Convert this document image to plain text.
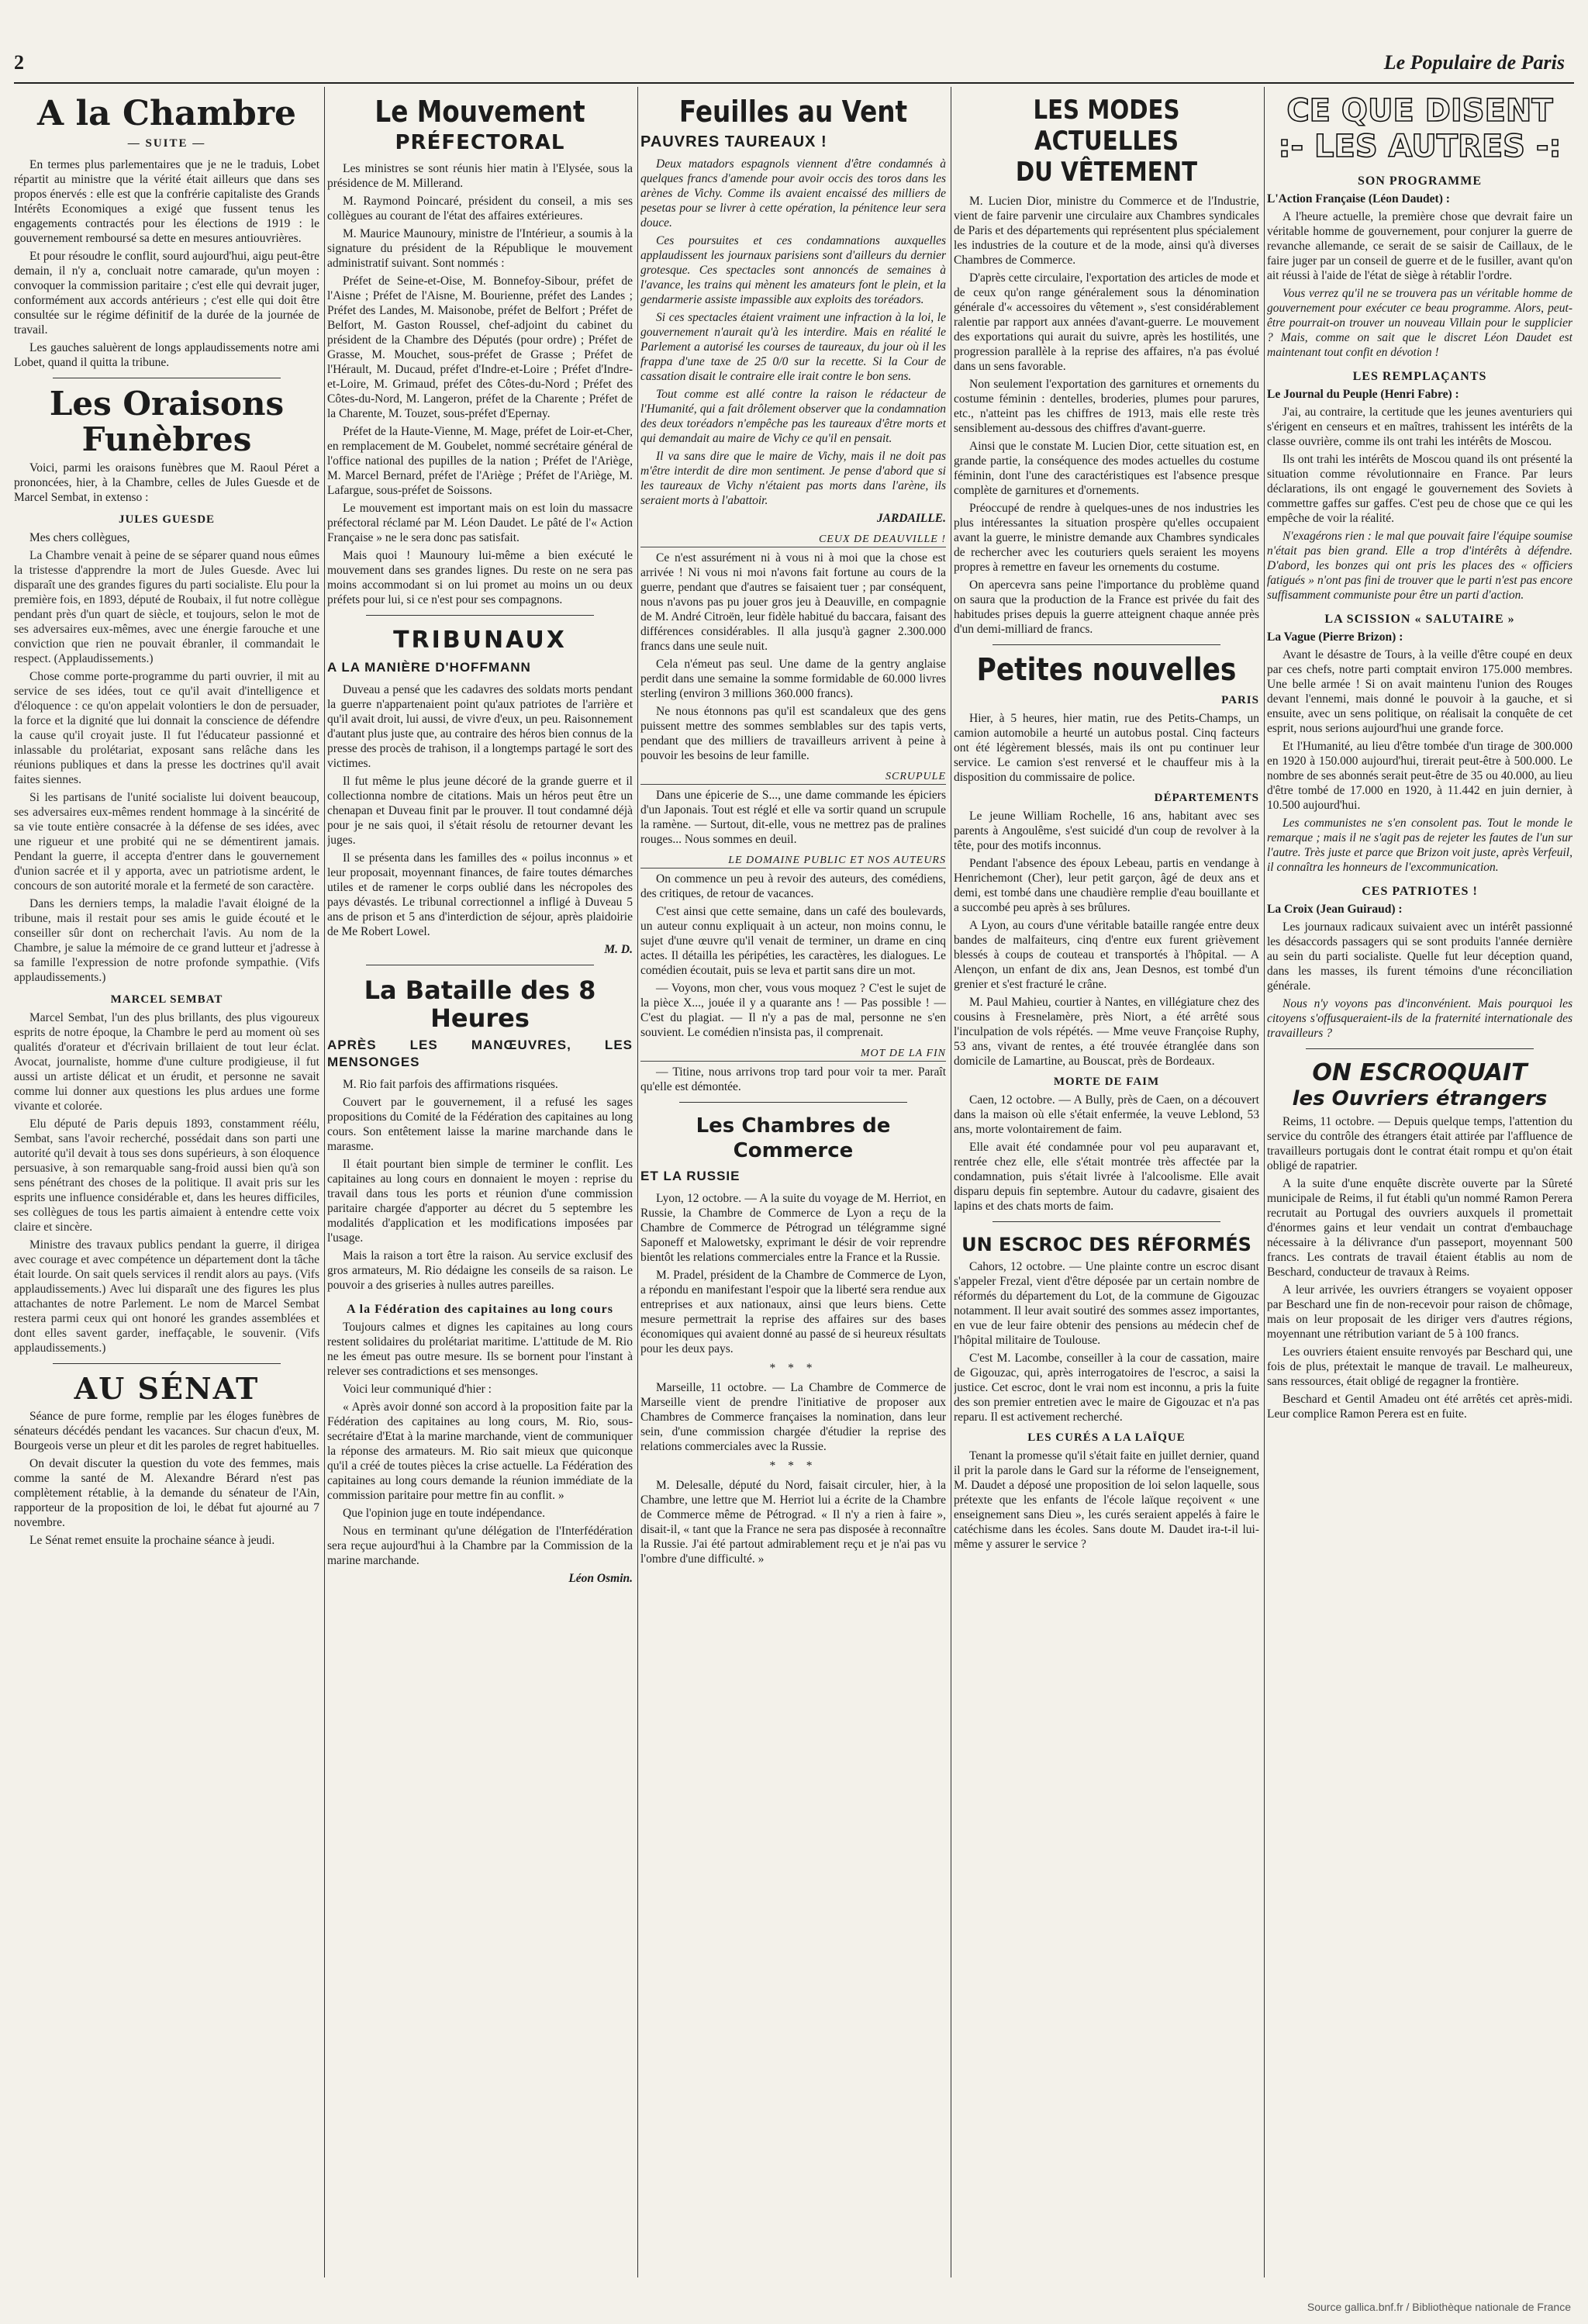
2	Le Populaire de Paris
A la Chambre
— SUITE —

En termes plus parlementaires que je ne le traduis, Lobet répartit au ministre que la vérité était ailleurs que dans ses propos énervés : elle est que la confrérie capitaliste des Grands Intérêts Economiques a exigé que fussent tenus les engagements contractés pour les élections de 1919 : le gouvernement remboursé sa dette en mesures antiouvrières.

Et pour résoudre le conflit, sourd aujourd'hui, aigu peut-être demain, il n'y a, concluait notre camarade, qu'un moyen : convoquer la commission paritaire ; c'est elle qui devrait juger, conformément aux accords antérieurs ; c'est elle qui doit être consultée sur le régime définitif de la durée de la journée de travail.

Les gauches saluèrent de longs applaudissements notre ami Lobet, quand il quitta la tribune.

Les Oraisons Funèbres

Voici, parmi les oraisons funèbres que M. Raoul Péret a prononcées, hier, à la Chambre, celles de Jules Guesde et de Marcel Sembat, in extenso :

JULES GUESDE

Mes chers collègues,

La Chambre venait à peine de se séparer quand nous eûmes la tristesse d'apprendre la mort de Jules Guesde. Avec lui disparaît une des grandes figures du parti socialiste. Elu pour la première fois, en 1893, député de Roubaix, il fut notre collègue pendant près d'un quart de siècle, et toujours, selon le mot de ses adversaires eux-mêmes, avec une énergie farouche et une conviction que rien ne pouvait ébranler, il commandait le respect. (Applaudissements.)

Chose comme porte-programme du parti ouvrier, il mit au service de ses idées, tout ce qu'il avait d'intelligence et d'éloquence : ce qu'on appelait volontiers le don de persuader, la force et la dignité que lui donnait la conscience de défendre la cause qu'il croyait juste. Il fut l'éducateur passionné et inlassable du prolétariat, exposant sans relâche dans les réunions publiques et dans la presse les doctrines qu'il avait faites siennes.

Si les partisans de l'unité socialiste lui doivent beaucoup, ses adversaires eux-mêmes rendent hommage à la sincérité de sa vie toute entière consacrée à la défense de ses idées, avec une rigueur et une probité qui ne se démentirent jamais. Pendant la guerre, il accepta d'entrer dans le gouvernement d'union sacrée et il y apporta, avec un patriotisme ardent, le concours de son autorité morale et la fermeté de son caractère.

Dans les derniers temps, la maladie l'avait éloigné de la tribune, mais il restait pour ses amis le guide écouté et le conseiller sûr dont on recherchait l'avis. Au nom de la Chambre, je salue la mémoire de ce grand lutteur et j'adresse à sa famille l'expression de notre profonde sympathie. (Vifs applaudissements.)

MARCEL SEMBAT

Marcel Sembat, l'un des plus brillants, des plus vigoureux esprits de notre époque, la Chambre le perd au moment où ses qualités d'orateur et d'écrivain brillaient de tout leur éclat. Avocat, journaliste, homme d'une culture prodigieuse, il fut aussi un artiste délicat et un érudit, et personne ne savait comme lui donner aux questions les plus ardues une forme vivante et colorée.

Elu député de Paris depuis 1893, constamment réélu, Sembat, sans l'avoir recherché, possédait dans son parti une autorité qu'il devait à tous ses dons supérieurs, à son éloquence persuasive, à son remarquable sang-froid aussi bien qu'à son sens pénétrant des choses de la politique. Il avait pris sur les esprits une influence considérable et, dans les heures difficiles, ses collègues de tous les partis aimaient à entendre cette voix claire et sincère.

Ministre des travaux publics pendant la guerre, il dirigea avec courage et avec compétence un département dont la tâche était lourde. On sait quels services il rendit alors au pays. (Vifs applaudissements.) Avec lui disparaît une des figures les plus attachantes de notre Parlement. Le nom de Marcel Sembat restera parmi ceux qui ont honoré les grandes assemblées et dont elles savent garder, ineffaçable, le souvenir. (Vifs applaudissements.)

AU SÉNAT

Séance de pure forme, remplie par les éloges funèbres de sénateurs décédés pendant les vacances. Sur chacun d'eux, M. Bourgeois verse un pleur et dit les paroles de regret habituelles.

On devait discuter la question du vote des femmes, mais comme la santé de M. Alexandre Bérard n'est pas complètement rétablie, à la demande du sénateur de l'Ain, rapporteur de la proposition de loi, le débat fut ajourné au 7 novembre.

Le Sénat remet ensuite la prochaine séance à jeudi.

Le Mouvement
PRÉFECTORAL

Les ministres se sont réunis hier matin à l'Elysée, sous la présidence de M. Millerand.

M. Raymond Poincaré, président du conseil, a mis ses collègues au courant de l'état des affaires extérieures.

M. Maurice Maunoury, ministre de l'Intérieur, a soumis à la signature du président de la République le mouvement administratif suivant. Sont nommés :

Préfet de Seine-et-Oise, M. Bonnefoy-Sibour, préfet de l'Aisne ; Préfet de l'Aisne, M. Bourienne, préfet des Landes ; Préfet des Landes, M. Maisonobe, préfet de Belfort ; Préfet de Belfort, M. Gaston Roussel, chef-adjoint du cabinet du président de la Chambre des Députés (pour ordre) ; Préfet de Grasse, M. Mouchet, sous-préfet de Grasse ; Préfet de l'Hérault, M. Ducaud, préfet d'Indre-et-Loire ; Préfet d'Indre-et-Loire, M. Grimaud, préfet des Côtes-du-Nord ; Préfet des Côtes-du-Nord, M. Langeron, préfet de la Charente ; Préfet de la Charente, M. Touzet, sous-préfet d'Epernay.

Préfet de la Haute-Vienne, M. Mage, préfet de Loir-et-Cher, en remplacement de M. Goubelet, nommé secrétaire général de l'office national des pupilles de la nation ; Préfet de l'Ariège, M. Marcel Bernard, préfet de l'Ariège ; Préfet de l'Ariège, M. Lafargue, sous-préfet de Soissons.

Le mouvement est important mais on est loin du massacre préfectoral réclamé par M. Léon Daudet. Le pâté de l'« Action Française » ne le sera donc pas satisfait.

Mais quoi ! Maunoury lui-même a bien exécuté le mouvement dans ses grandes lignes. Du reste on ne sera pas moins accommodant si on lui promet au moins un ou deux préfets pour lui, si ce n'est pour ses compagnons.

TRIBUNAUX
A LA MANIÈRE D'HOFFMANN

Duveau a pensé que les cadavres des soldats morts pendant la guerre n'appartenaient point qu'aux patriotes de l'arrière et qu'il avait droit, lui aussi, de vivre d'eux, un peu. Raisonnement d'autant plus juste que, au contraire des héros bien connus de la presse des procès de trahison, il a longtemps partagé le sort des victimes.

Il fut même le plus jeune décoré de la grande guerre et il collectionna nombre de citations. Mais un héros peut être un chenapan et Duveau finit par le prouver. Il tout condamné déjà pour je ne sais quoi, il s'était résolu de retourner devant les juges.

Il se présenta dans les familles des « poilus inconnus » et leur proposait, moyennant finances, de faire toutes démarches utiles et de ramener le corps oublié dans les nécropoles des pays dévastés. Le tribunal correctionnel a infligé à Duveau 5 ans de prison et 5 ans d'interdiction de séjour, après plaidoirie de Me Robert Lowel.

M. D.
La Bataille des 8 Heures
APRÈS LES MANŒUVRES, LES MENSONGES

M. Rio fait parfois des affirmations risquées.

Couvert par le gouvernement, il a refusé les sages propositions du Comité de la Fédération des capitaines au long cours. Son entêtement laisse la marine marchande dans le marasme.

Il était pourtant bien simple de terminer le conflit. Les capitaines au long cours en donnaient le moyen : reprise du travail dans tous les ports et réunion d'une commission paritaire chargée d'apporter au décret du 5 septembre les modalités d'application et les modifications imposées par l'usage.

Mais la raison a tort être la raison. Au service exclusif des gros armateurs, M. Rio dédaigne les conseils de sa raison. Le pouvoir a des griseries à nulles autres pareilles.

A la Fédération des capitaines au long cours

Toujours calmes et dignes les capitaines au long cours restent solidaires du prolétariat maritime. L'attitude de M. Rio ne les émeut pas outre mesure. Ils se bornent pour l'instant à relever ses contradictions et ses mensonges.

Voici leur communiqué d'hier :

« Après avoir donné son accord à la proposition faite par la Fédération des capitaines au long cours, M. Rio, sous-secrétaire d'Etat à la marine marchande, vient de communiquer la réponse des armateurs. M. Rio sait mieux que quiconque qu'il a créé de toutes pièces la crise actuelle. La Fédération des capitaines au long cours demande la réunion immédiate de la commission paritaire pour mettre fin au conflit. »

Que l'opinion juge en toute indépendance.

Nous en terminant qu'une délégation de l'Interfédération sera reçue aujourd'hui à la Chambre par la Commission de la marine marchande.

Léon Osmin.
Feuilles au Vent
PAUVRES TAUREAUX !

Deux matadors espagnols viennent d'être condamnés à quelques francs d'amende pour avoir occis des toros dans les arènes de Vichy. Comme ils avaient encaissé des milliers de pesetas pour se livrer à cette opération, la pénitence leur sera douce.

Ces poursuites et ces condamnations auxquelles applaudissent les journaux parisiens sont d'ailleurs du dernier grotesque. Ces spectacles sont annoncés de semaines à l'avance, les trains qui mènent les amateurs font le plein, et la gendarmerie assiste impassible aux exploits des toréadors.

Si ces spectacles étaient vraiment une infraction à la loi, le gouvernement n'aurait qu'à les interdire. Mais en réalité le Parlement a autorisé les courses de taureaux, du jour où il les frappa d'une taxe de 25 0/0 sur la recette. Si la Cour de cassation disait le contraire elle irait contre le bon sens.

Tout comme est allé contre la raison le rédacteur de l'Humanité, qui a fait drôlement observer que la condamnation des deux toréadors n'empêche pas les taureaux d'être morts et qui demandait au maire de Vichy ce qu'il en pensait.

Il va sans dire que le maire de Vichy, mais il ne doit pas m'être interdit de dire mon sentiment. Je pense d'abord que si les taureaux de Vichy n'étaient pas morts dans l'arène, ils seraient morts à l'abattoir.

JARDAILLE.
CEUX DE DEAUVILLE !

Ce n'est assurément ni à vous ni à moi que la chose est arrivée ! Ni vous ni moi n'avons fait fortune au cours de la guerre, pendant que d'autres se faisaient tuer ; par conséquent, nous n'avons pas pu jouer gros jeu à Deauville, en compagnie de M. André Citroën, leur fidèle habitué du baccara, faisant des différences considérables. Il alla jusqu'à gagner 2.300.000 francs dans une seule nuit.

Cela n'émeut pas seul. Une dame de la gentry anglaise perdit dans une semaine la somme formidable de 60.000 livres sterling (environ 3 millions 360.000 francs).

Ne nous étonnons pas qu'il est scandaleux que des gens puissent mettre des sommes semblables sur des tapis verts, pendant que des milliers de travailleurs arrivent à peine à pouvoir les besoins de leur famille.

SCRUPULE

Dans une épicerie de S..., une dame commande les épiciers d'un Japonais. Tout est réglé et elle va sortir quand un scrupule la ramène. — Surtout, dit-elle, vous ne mettrez pas de pralines rouges... Nous sommes en deuil.

LE DOMAINE PUBLIC ET NOS AUTEURS

On commence un peu à revoir des auteurs, des comédiens, des critiques, de retour de vacances.

C'est ainsi que cette semaine, dans un café des boulevards, un auteur connu expliquait à un acteur, non moins connu, le sujet d'une œuvre qu'il venait de terminer, un drame en cinq actes. Il détailla les péripéties, les caractères, les dialogues. Le comédien écoutait, puis se leva et partit sans dire un mot.

— Voyons, mon cher, vous vous moquez ? C'est le sujet de la pièce X..., jouée il y a quarante ans ! — Pas possible ! — C'est du plagiat. — Il n'y a pas de mal, personne ne s'en souvient. Le comédien n'insista pas, il comprenait.

MOT DE LA FIN

— Titine, nous arrivons trop tard pour voir ta mer. Paraît qu'elle est démontée.

Les Chambres de Commerce
ET LA RUSSIE

Lyon, 12 octobre. — A la suite du voyage de M. Herriot, en Russie, la Chambre de Commerce de Lyon a reçu de la Chambre de Commerce de Pétrograd un télégramme signé Saponeff et Malowetsky, exprimant le désir de voir reprendre bientôt les relations commerciales entre la France et la Russie.

M. Pradel, président de la Chambre de Commerce de Lyon, a répondu en manifestant l'espoir que la liberté sera rendue aux entreprises et aux nationaux, ainsi que leurs biens. Cette mesure permettrait la reprise des affaires sur des bases économiques qui avaient donné au passé de si heureux résultats pour les deux pays.

* * *

Marseille, 11 octobre. — La Chambre de Commerce de Marseille vient de prendre l'initiative de proposer aux Chambres de Commerce françaises la nomination, dans leur sein, d'une commission chargée d'étudier la reprise des relations commerciales avec la Russie.

* * *

M. Delesalle, député du Nord, faisait circuler, hier, à la Chambre, une lettre que M. Herriot lui a écrite de la Chambre de Commerce même de Pétrograd. « Il n'y a rien à faire », disait-il, « tant que la France ne sera pas disposée à reconnaître la Russie. J'ai été partout admirablement reçu et je n'ai pas vu l'ombre d'une difficulté. »

LES MODES ACTUELLES
DU VÊTEMENT

M. Lucien Dior, ministre du Commerce et de l'Industrie, vient de faire parvenir une circulaire aux Chambres syndicales de Paris et des départements qui représentent plus spécialement les industries de la couture et de la mode, ainsi qu'à diverses Chambres de Commerce.

D'après cette circulaire, l'exportation des articles de mode et de ceux qu'on range généralement sous la dénomination générale d'« accessoires du vêtement », s'est considérablement ralentie par rapport aux années d'avant-guerre. Le mouvement des exportations qui aurait du suivre, après les hostilités, une progression parallèle à la reprise des affaires, n'a pas évolué dans un sens favorable.

Non seulement l'exportation des garnitures et ornements du costume féminin : dentelles, broderies, plumes pour parures, etc., n'atteint pas les chiffres de 1913, mais elle reste très sensiblement au-dessous des chiffres d'avant-guerre.

Ainsi que le constate M. Lucien Dior, cette situation est, en grande partie, la conséquence des modes actuelles du costume féminin, dont l'une des caractéristiques est l'absence presque complète de garnitures et d'ornements.

Préoccupé de rendre à quelques-unes de nos industries les plus intéressantes la situation prospère qu'elles occupaient avant la guerre, le ministre demande aux Chambres syndicales de rechercher avec les couturiers quels seraient les moyens propres à remettre en faveur les ornements du costume.

On apercevra sans peine l'importance du problème quand on saura que la production de la France est privée du fait des habitudes prises depuis la guerre atteignent chaque année près d'un demi-milliard de francs.

Petites nouvelles
PARIS

Hier, à 5 heures, hier matin, rue des Petits-Champs, un camion automobile a heurté un autobus postal. Cinq facteurs ont été légèrement blessés, mais ils ont pu continuer leur service. Le camion s'est renversé et le chauffeur mis à la disposition du commissaire de police.

DÉPARTEMENTS

Le jeune William Rochelle, 16 ans, habitant avec ses parents à Angoulême, s'est suicidé d'un coup de revolver à la tête, pour des motifs inconnus.

Pendant l'absence des époux Lebeau, partis en vendange à Henrichemont (Cher), leur petit garçon, âgé de deux ans et demi, est tombé dans une chaudière remplie d'eau bouillante et a succombé peu après à ses brûlures.

A Lyon, au cours d'une véritable bataille rangée entre deux bandes de malfaiteurs, cinq d'entre eux furent grièvement blessés à coups de couteau et transportés à l'hôpital. — A Alençon, un enfant de dix ans, Jean Desnos, est tombé d'un grenier et s'est fracturé le crâne.

M. Paul Mahieu, courtier à Nantes, en villégiature chez des cousins à Fresnelamère, près Niort, a été arrêté sous l'inculpation de vols répétés. — Mme veuve Françoise Ruphy, 53 ans, vivant de rentes, a été trouvée étranglée dans son domicile de Lamartine, au Bouscat, près de Bordeaux.

MORTE DE FAIM

Caen, 12 octobre. — A Bully, près de Caen, on a découvert dans la maison où elle s'était enfermée, la veuve Leblond, 53 ans, morte volontairement de faim.

Elle avait été condamnée pour vol peu auparavant et, rentrée chez elle, elle s'était montrée très affectée par la condamnation, puis s'était livrée à l'alcoolisme. Elle avait disparu depuis fin septembre. Autour du cadavre, gisaient des lapins et des chats morts de faim.

UN ESCROC DES RÉFORMÉS

Cahors, 12 octobre. — Une plainte contre un escroc disant s'appeler Frezal, vient d'être déposée par un certain nombre de réformés du département du Lot, de la commune de Gigouzac notamment. Il leur avait soutiré des sommes assez importantes, en vue de leur faire obtenir des pensions au médecin chef de l'hôpital militaire de Toulouse.

C'est M. Lacombe, conseiller à la cour de cassation, maire de Gigouzac, qui, après interrogatoires de l'escroc, a saisi la justice. Cet escroc, dont le vrai nom est inconnu, a pris la fuite des son premier entretien avec le maire de Gigouzac et n'a pas reparu. Il est activement recherché.

LES CURÉS A LA LAÏQUE

Tenant la promesse qu'il s'était faite en juillet dernier, quand il prit la parole dans le Gard sur la réforme de l'enseignement, M. Daudet a déposé une proposition de loi selon laquelle, sous prétexte que les enfants de l'école laïque reçoivent « une enseignement sans Dieu », les curés seraient appelés à faire le catéchisme dans les écoles. Sans doute M. Daudet ira-t-il lui-même y assurer le service ?

CE QUE DISENT
:- LES AUTRES -:
SON PROGRAMME
L'Action Française (Léon Daudet) :

A l'heure actuelle, la première chose que devrait faire un véritable homme de gouvernement, pour conjurer la guerre de revanche allemande, ce serait de se saisir de Caillaux, de le faire juger par un conseil de guerre et de le fusiller, avant qu'on ait réussi à l'aide de l'état de siège à rétablir l'ordre.

Vous verrez qu'il ne se trouvera pas un véritable homme de gouvernement pour exécuter ce beau programme. Alors, peut-être pourrait-on trouver un nouveau Villain pour le supplicier ? Mais, comme on sait que le discret Léon Daudet est maintenant tout confit en dévotion !

LES REMPLAÇANTS
Le Journal du Peuple (Henri Fabre) :

J'ai, au contraire, la certitude que les jeunes aventuriers qui s'érigent en censeurs et en maîtres, trahissent les intérêts de la classe ouvrière, comme ils ont trahi les intérêts de Moscou.

Ils ont trahi les intérêts de Moscou quand ils ont présenté la situation comme révolutionnaire en France. Par leurs déclarations, ils ont engagé le gouvernement des Soviets à commettre gaffes sur gaffes. C'est peu de chose que ce qui les empêche de voir la réalité.

N'exagérons rien : le mal que pouvait faire l'équipe soumise n'était pas bien grand. Elle a trop d'intérêts à défendre. D'abord, les bonzes qui ont pris les places des « officiers fatigués » n'ont pas fini de trouver que le parti n'est pas encore suffisamment communiste pour être un parti d'action.

LA SCISSION « SALUTAIRE »
La Vague (Pierre Brizon) :

Avant le désastre de Tours, à la veille d'être coupé en deux par ces chefs, notre parti comptait environ 175.000 membres. Une belle armée ! Si on avait maintenu l'union des Rouges devant l'ennemi, mais donné le pouvoir à la gauche, et si ensuite, avec un sens politique, on réalisait la conquête de cet esprit, nous serions aujourd'hui une grande force.

Et l'Humanité, au lieu d'être tombée d'un tirage de 300.000 en 1920 à 150.000 aujourd'hui, tirerait peut-être à 500.000. Le nombre de ses abonnés serait peut-être de 35 ou 40.000, au lieu d'être tombé de 17.000 en 1920, à 11.442 en juin dernier, à 10.500 aujourd'hui.

Les communistes ne s'en consolent pas. Tout le monde le remarque ; mais il ne s'agit pas de rejeter les fautes de l'un sur l'autre. Très juste et parce que Brizon voit juste, après Verfeuil, il connaîtra les honneurs de l'excommunication.

CES PATRIOTES !
La Croix (Jean Guiraud) :

Les journaux radicaux suivaient avec un intérêt passionné les désaccords passagers qui se sont produits l'année dernière au sein du parti socialiste. Quelle fut leur déception quand, dans les masses, ils furent témoins d'une réconciliation générale.

Nous n'y voyons pas d'inconvénient. Mais pourquoi les citoyens s'offusqueraient-ils de la fraternité internationale des travailleurs ?

ON ESCROQUAIT
les Ouvriers étrangers

Reims, 11 octobre. — Depuis quelque temps, l'attention du service du contrôle des étrangers était attirée par l'affluence de travailleurs portugais dont le contrat était rompu et qu'on était obligé de rapatrier.

A la suite d'une enquête discrète ouverte par la Sûreté municipale de Reims, il fut établi qu'un nommé Ramon Perera recrutait au Portugal des ouvriers auxquels il promettait d'énormes gains et leur vendait un contrat d'embauchage nécessaire à la délivrance d'un passeport, moyennant 500 francs. Les contrats de travail étaient établis au nom de Beschard, conducteur de travaux à Reims.

A leur arrivée, les ouvriers étrangers se voyaient opposer par Beschard une fin de non-recevoir pour raison de chômage, mais on leur proposait de les diriger vers d'autres régions, moyennant une rétribution variant de 5 à 100 francs.

Les ouvriers étaient ensuite renvoyés par Beschard qui, une fois de plus, prétextait le manque de travail. Le malheureux, sans ressources, était obligé de regagner la frontière.

Beschard et Gentil Amadeu ont été arrêtés cet après-midi. Leur complice Ramon Perera est en fuite.

Source gallica.bnf.fr / Bibliothèque nationale de France
